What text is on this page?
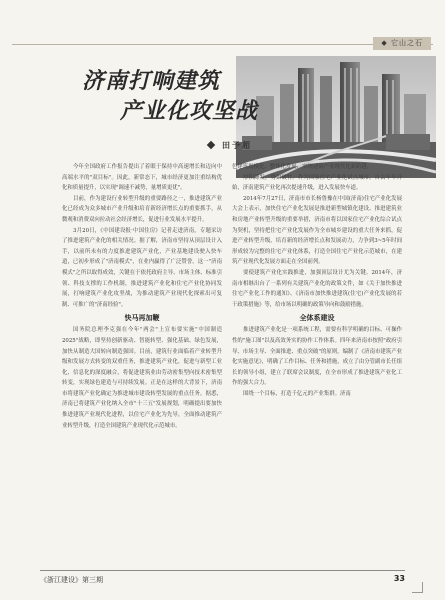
◆ 它山之石
济南打响建筑
产业化攻坚战
田予超

今年全国政府工作报告提出了着眼于保持中高速增长和迈向中高端水平的"双目标"。因此，新常态下，城市经济更加注重结构优化和质量提升，以实现"调速不减势，量增质更优"。

目前，作为建设行业转型升级的重要路径之一，推进建筑产业化已经成为众多城市产业升级和培育新经济增长点的重要抓手，从微观和消费双向拉动社会经济增长，促进行业发展水平提升。

3月20日，《中国建设报·中国住房》记者走进济南，专题采访了推进建筑产业化的相关情况。据了解，济南市坚持从顶层设计入手，以前所未有的力度推进建筑产业化，产业基地建设驶入快车道，已初步形成了"济南模式"，在业内赢得了广泛赞誉。这一"济南模式"之所以取得成效，关键在于依托政府主导、市场主体、标准引领、科技支撑的工作机制，推进建筑产业化和住宅产业化协同发展，打响建筑产业化攻坚战，为推动建筑产业现代化探索出可复制、可推广的"济南经验"。

快马再加鞭

国务院总理李克强在今年"两会"上宣布要实施"中国制造2025"战略，即坚持创新驱动、智能转型、强化基础、绿色发展，加快从制造大国转向制造强国。目前，建筑行业面临着产业转型升级和发展方式转变的双重任务，推进建筑产业化，促进与新型工业化、信息化的深度融合，将促进建筑业由劳动密集型向技术密集型转变，实现绿色建造与可持续发展。正是在这样的大背景下，济南市将建筑产业化确定为推进城市建设转型发展的重点任务。据悉，济南已将建筑产业化纳入全市"十三五"发展规划，明确提出要加快推进建筑产业现代化进程，以住宅产业化为先导，全面推动建筑产业转型升级，打造全国建筑产业现代化示范城市。

色建筑规模化、整体化发展，实现建筑产业现代化新跨越。

厚积薄发，势如破竹。作为国家住宅产业化试点城市，自去年年开始，济南建筑产业化再次提速升级，进入发展快车道。

2014年7月27日，济南市市长杨鲁豫在中国(济南)住宅产业化发展大会上表示，加快住宅产业化发展是推进新型城镇化建设、推进建筑业和房地产业转型升级的重要举措，济南市将以国家住宅产业化综合试点为契机，坚持把住宅产业化发展作为全市城乡建设的重大任务来抓，促进产业转型升级，培育新的经济增长点和发展动力，力争到3~5年时间形成较为完整的住宅产业化体系，打造全国住宅产业化示范城市，在建筑产业现代化发展方面走在全国前列。

要使建筑产业化实践推进，加强顶层设计尤为关键。2014年，济南市相继出台了一系列有关建筑产业化的政策文件，如《关于加快推进住宅产业化工作的通知》、《济南市加快推进建筑(住宅)产业化发展的若干政策措施》等，给市场以明确的政策导向和鼓励措施。

全体系建设

推进建筑产业化是一项系统工程，需要有科学明确的目标、可操作性的"施工图"以及高效务实的协作工作体系。四年来济南市按照"政府引导、市场主导、全面推进、重点突破"的原则，编制了《济南市建筑产业化实施意见》，明确了工作目标、任务和措施，成立了由分管副市长任组长的领导小组，建立了联席会议制度，在全市形成了推进建筑产业化工作的强大合力。

围绕一个目标，打造千亿元的产业集群。济南

《浙江建设》第三期	33
